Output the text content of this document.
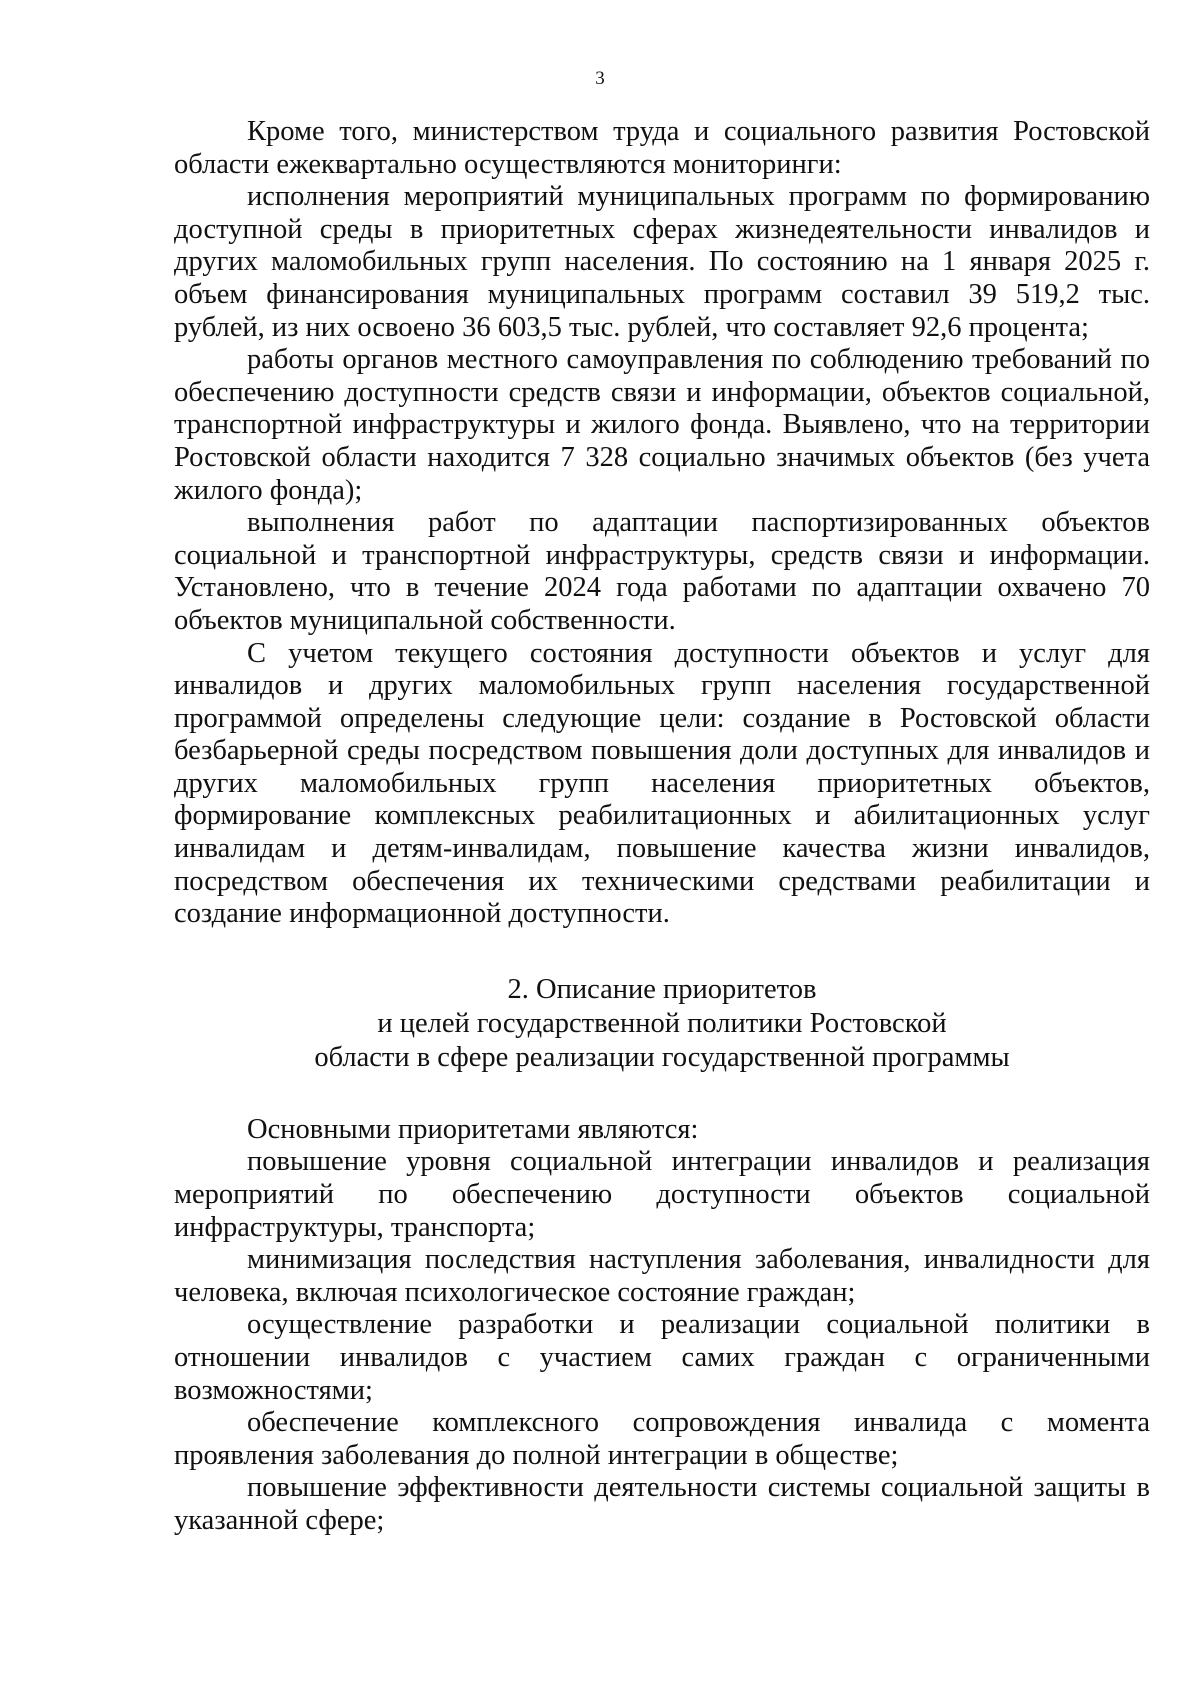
3

Кроме того, министерством труда и социального развития Ростовской области ежеквартально осуществляются мониторинги:

исполнения мероприятий муниципальных программ по формированию доступной среды в приоритетных сферах жизнедеятельности инвалидов и других маломобильных групп населения. По состоянию на 1 января 2025 г. объем финансирования муниципальных программ составил 39 519,2 тыс. рублей, из них освоено 36 603,5 тыс. рублей, что составляет 92,6 процента;

работы органов местного самоуправления по соблюдению требований по обеспечению доступности средств связи и информации, объектов социальной, транспортной инфраструктуры и жилого фонда. Выявлено, что на территории Ростовской области находится 7 328 социально значимых объектов (без учета жилого фонда);

выполнения работ по адаптации паспортизированных объектов социальной и транспортной инфраструктуры, средств связи и информации. Установлено, что в течение 2024 года работами по адаптации охвачено 70 объектов муниципальной собственности.

С учетом текущего состояния доступности объектов и услуг для инвалидов и других маломобильных групп населения государственной программой определены следующие цели: создание в Ростовской области безбарьерной среды посредством повышения доли доступных для инвалидов и других маломобильных групп населения приоритетных объектов, формирование комплексных реабилитационных и абилитационных услуг инвалидам и детям-инвалидам, повышение качества жизни инвалидов, посредством обеспечения их техническими средствами реабилитации и создание информационной доступности.

2. Описание приоритетов
и целей государственной политики Ростовской
области в сфере реализации государственной программы

Основными приоритетами являются:

повышение уровня социальной интеграции инвалидов и реализация мероприятий по обеспечению доступности объектов социальной инфраструктуры, транспорта;

минимизация последствия наступления заболевания, инвалидности для человека, включая психологическое состояние граждан;

осуществление разработки и реализации социальной политики в отношении инвалидов с участием самих граждан с ограниченными возможностями;

обеспечение комплексного сопровождения инвалида с момента проявления заболевания до полной интеграции в обществе;

повышение эффективности деятельности системы социальной защиты в указанной сфере;
